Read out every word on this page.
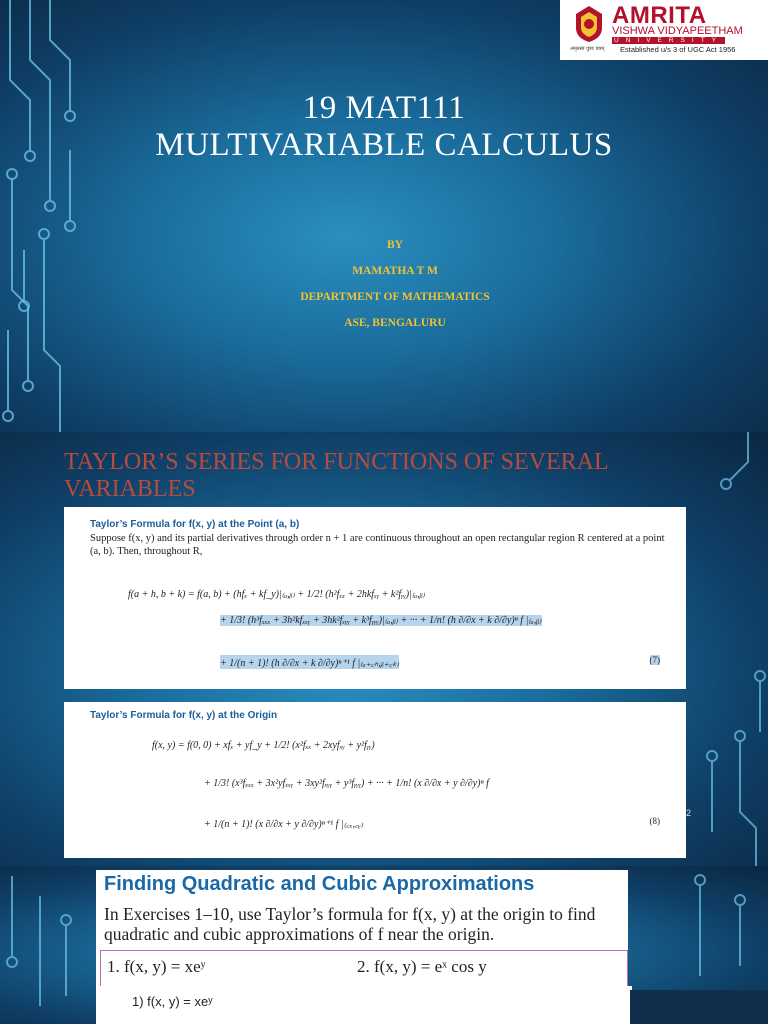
AMRITA
VISHWA VIDYAPEETHAM
UNIVERSITY
अमृतस्य पुत्राः वयम् Established u/s 3 of UGC Act 1956
19 MAT111
MULTIVARIABLE CALCULUS
BY
MAMATHA T M
DEPARTMENT OF MATHEMATICS
ASE, BENGALURU
TAYLOR’S SERIES FOR FUNCTIONS OF SEVERAL VARIABLES
Taylor’s Formula for f(x, y) at the Point (a, b)
Suppose f(x, y) and its partial derivatives through order n + 1 are continuous throughout an open rectangular region R centered at a point (a, b). Then, throughout R,
f(a + h, b + k) = f(a, b) + (hfₓ + kf_y)|₍ₐ,ᵦ₎ + 1/2! (h²fₓₓ + 2hkfₓᵧ + k²fᵧᵧ)|₍ₐ,ᵦ₎
+ 1/3! (h³fₓₓₓ + 3h²kfₓₓᵧ + 3hk²fₓᵧᵧ + k³fᵧᵧᵧ)|₍ₐ,ᵦ₎ + ··· + 1/n! (h ∂/∂x + k ∂/∂y)ⁿ f |₍ₐ,ᵦ₎
+ 1/(n + 1)! (h ∂/∂x + k ∂/∂y)ⁿ⁺¹ f |₍ₐ₊꜀ₕ,ᵦ₊꜀ₖ₎	(7)
Taylor’s Formula for f(x, y) at the Origin
f(x, y) = f(0, 0) + xfₓ + yf_y + 1/2! (x²fₓₓ + 2xyfₓᵧ + y²fᵧᵧ)
+ 1/3! (x³fₓₓₓ + 3x²yfₓₓᵧ + 3xy²fₓᵧᵧ + y³fᵧᵧᵧ) + ··· + 1/n! (x ∂/∂x + y ∂/∂y)ⁿ f
+ 1/(n + 1)! (x ∂/∂x + y ∂/∂y)ⁿ⁺¹ f |₍꜀ₓ,꜀ᵧ₎	(8)
2
Finding Quadratic and Cubic Approximations
In Exercises 1–10, use Taylor’s formula for f(x, y) at the origin to find quadratic and cubic approximations of f near the origin.
1. f(x, y) = xeʸ	2. f(x, y) = eˣ cos y
1) f(x, y) = xeʸ
